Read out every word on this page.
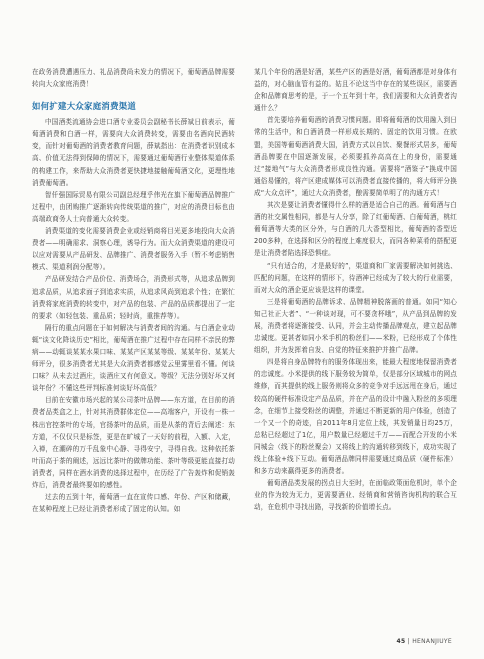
在政务消费遭遇压力、礼品消费尚未发力的情况下，葡萄酒品牌需要转向大众家庭消费！

如何扩建大众家庭消费渠道

中国酒类流通协会进口酒专业委员会副秘书长薛斌日前表示，葡萄酒消费和白酒一样，需要向大众消费转变，需要由名酒向民酒转变，而针对葡萄酒的消费者教育问题，薛斌指出：在消费者识别成本高、价值无法得到保障的情况下，需要通过葡萄酒行业整体渠道体系的构建工作，来帮助大众消费者更快捷地接触葡萄酒文化，更理性地消费葡萄酒。

智仟强国际贸易有限公司副总经理乎伟光在旗下葡萄酒品牌推广过程中，由团购推广逐渐转向传统渠道的推广，对应的消费目标也由高端政商务人士向普通大众转变。

消费渠道的变化需要消费企业或经销商将目光更多地投向大众消费者——明确需求、洞察心理，诱导行为。而大众消费渠道的建设可以应对需要从产品研发、品牌推广、消费者服务入手（暂不考虑销售模式、渠道利润分配等）。

产品研发结合产品价位、消费场合，消费形式等，从追求品牌到追求品质，从追求面子到追求实质，从追求风尚到追求个性；在繁忙消费将家庭消费的转变中，对产品的包装、产品的品质都提出了一定的要求（如轻包装、重品质；轻时尚，重推荐等）。

隔行的重点问题在于如何解决与消费者间的沟通。与白酒企业动辄“谈文化降谈历史”相比，葡萄酒在推广过程中存在同样不亲民的弊病——动辄谈某某水果口味、某某产区某某等级、某某年份、某某大师评分，很多消费者尤其是大众消费者都感觉云里雾里看不懂。何谈口味？从未去过酒庄，谈酒庄又有何意义。等级？无法分别好坏又何谈年份？不懂这些评判标准何谈好坏高低？

目前在安徽市场兴起的某公司茶叶品牌——东方道，在目前的消费者品类盒之上，针对其消费群体定位——高端客户，开设有一株一株出官控茶叶的专场，官扬茶叶的品质，而是从茶的背后去阐述：东方道，不仅仅只是标签，更是在旷城了一天好的前程，入额、入定，入禅，在潮碎的万千乱象中心静、寻得安宁，寻得自我。这种依托茶叶而高于茶的阐述，远远比茶叶的做牌功能、茶叶等级更能直接打动消费者，同样在酒水消费的选择过程中，在历经了广告轰炸和促销轰炸后，消费者最终要如的感性。

过去的五到十年，葡萄酒一直在宣传口感、年份、产区和储藏，在某种程度上已经让消费者形成了固定的认知。如

某几个年份的酒是好酒，某些产区的酒是好酒，葡萄酒都是对身体有益的，对心脑血管有益的。姑且不论这当中存在的某些误区，需要酒企和品牌商思考的是，于一个五年到十年，我们需要和大众消费者沟通什么？

首先要培养葡萄酒的消费习惯问题。即将葡萄酒的饮用融入到日常的生活中，和白酒消费一样形成长期的、固定的饮用习惯。在欧盟，美国等葡萄酒消费大国，消费方式以自饮、聚餐形式居多，葡萄酒品牌要在中国逐渐发展，必须要抓养高高在上的身份，需要通过“接地气”与大众消费者形成良性沟通。需要将“酒鉴子”换成中国通俗易懂的，将产区建成媒体可以消费者直接传播的，将大师评分换成“大众点评”，通过大众消费者，酿需要简单明了的沟通方式！

其次是要让消费者懂得什么样的酒是适合自己的酒。葡萄酒与白酒的社交属性相同，都是与人分享，除了红葡萄酒、白葡萄酒，桃红葡萄酒等大类的区分外，与白酒的几大香型相比，葡萄酒的香型近200多种，在选择和区分的程度上难度很大，而同各种菜肴的搭配更是让消费者陷选择恐惧症。

“只有适合的，才是最好的”，渠道商和厂家需要解决如何挑选、匹配的问题，在这样的情形下，待酒神已经成为了较大的行业需要，而对大众的酒企更应该是这样的课堂。

三是将葡萄酒的品牌诉求、品牌精神脱落画的普通。如同“知心知己社正大者”、“一种谈对现，可不要贪杯哦”，从产品到品牌的发展，消费者将逐渐接受、认同，并会主动传播品牌观点，建立起品牌忠诚度。更甚者如同小米手机的粉丝们——米粉，已经形成了个体性组织，并为发挥着自发、自觉的特征来推护并推广品牌。

四是将自身品牌特有的服务体现出来，能最大程度地保留消费者的忠诚度。小米提供的线下服务较为简单，仅是部分区域城市的网点维修，而其提供的线上服务则将众多的竞争对手远远甩在身后，通过较高的硬件标准设定产品品质，并在产品的设计中融入粉丝的多项理念，在细节上接受粉丝的调整，并通过不断更新的用户体验，创造了一个又一个的奇迹，自2011年8月定位上线，其发销量日均25万，总粘已经超过了1亿，用户数量已经超过千万——而配合开发的小米同城会（线下的粉丝聚会）又将线上的沟通转移到线下，成功实现了线上体验+线下互动。葡萄酒品牌同样需要通过商品质（硬件标准）和多方动来赢得更多的消费者。

葡萄酒品类发展的拐点日大至时，在面临政策面危机时，单个企业的作为较为无力，更需要酒业、经销商和营销咨询机构的联合互动，在危机中寻找出路，寻找新的价值增长点。

45 | HENANJIUYE
